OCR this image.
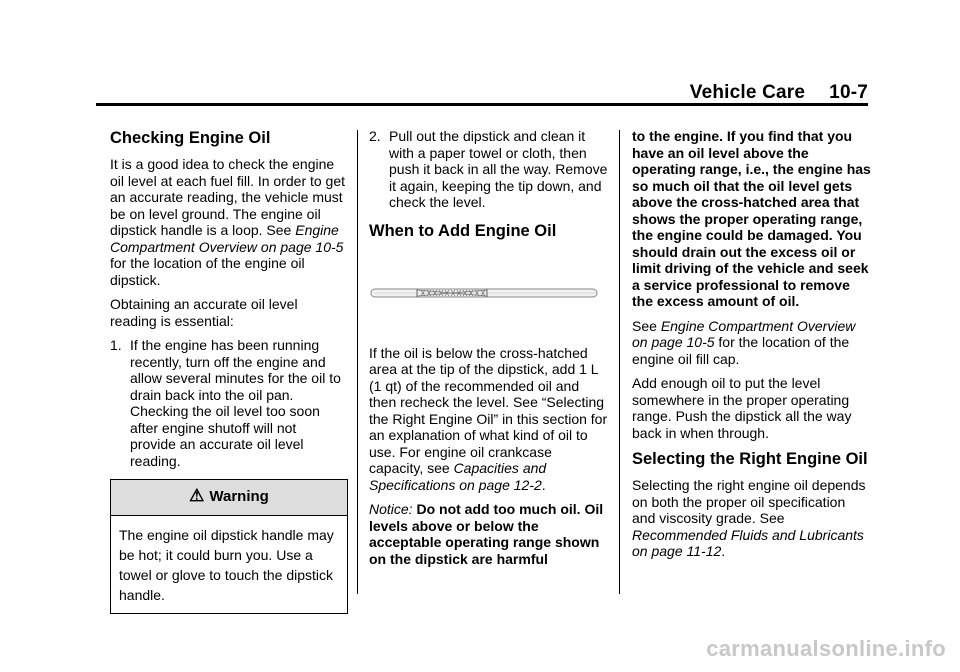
Vehicle Care 10-7
Checking Engine Oil

It is a good idea to check the engine oil level at each fuel fill. In order to get an accurate reading, the vehicle must be on level ground. The engine oil dipstick handle is a loop. See Engine Compartment Overview on page 10‑5 for the location of the engine oil dipstick.

Obtaining an accurate oil level reading is essential:

1. If the engine has been running recently, turn off the engine and allow several minutes for the oil to drain back into the oil pan. Checking the oil level too soon after engine shutoff will not provide an accurate oil level reading.
⚠ Warning
The engine oil dipstick handle may be hot; it could burn you. Use a towel or glove to touch the dipstick handle.
2. Pull out the dipstick and clean it with a paper towel or cloth, then push it back in all the way. Remove it again, keeping the tip down, and check the level.
When to Add Engine Oil

If the oil is below the cross‑hatched area at the tip of the dipstick, add 1 L (1 qt) of the recommended oil and then recheck the level. See “Selecting the Right Engine Oil” in this section for an explanation of what kind of oil to use. For engine oil crankcase capacity, see Capacities and Specifications on page 12‑2.

Notice: Do not add too much oil. Oil levels above or below the acceptable operating range shown on the dipstick are harmful

to the engine. If you find that you have an oil level above the operating range, i.e., the engine has so much oil that the oil level gets above the cross‑hatched area that shows the proper operating range, the engine could be damaged. You should drain out the excess oil or limit driving of the vehicle and seek a service professional to remove the excess amount of oil.

See Engine Compartment Overview on page 10‑5 for the location of the engine oil fill cap.

Add enough oil to put the level somewhere in the proper operating range. Push the dipstick all the way back in when through.

Selecting the Right Engine Oil

Selecting the right engine oil depends on both the proper oil specification and viscosity grade. See Recommended Fluids and Lubricants on page 11‑12.

carmanualsonline.info
